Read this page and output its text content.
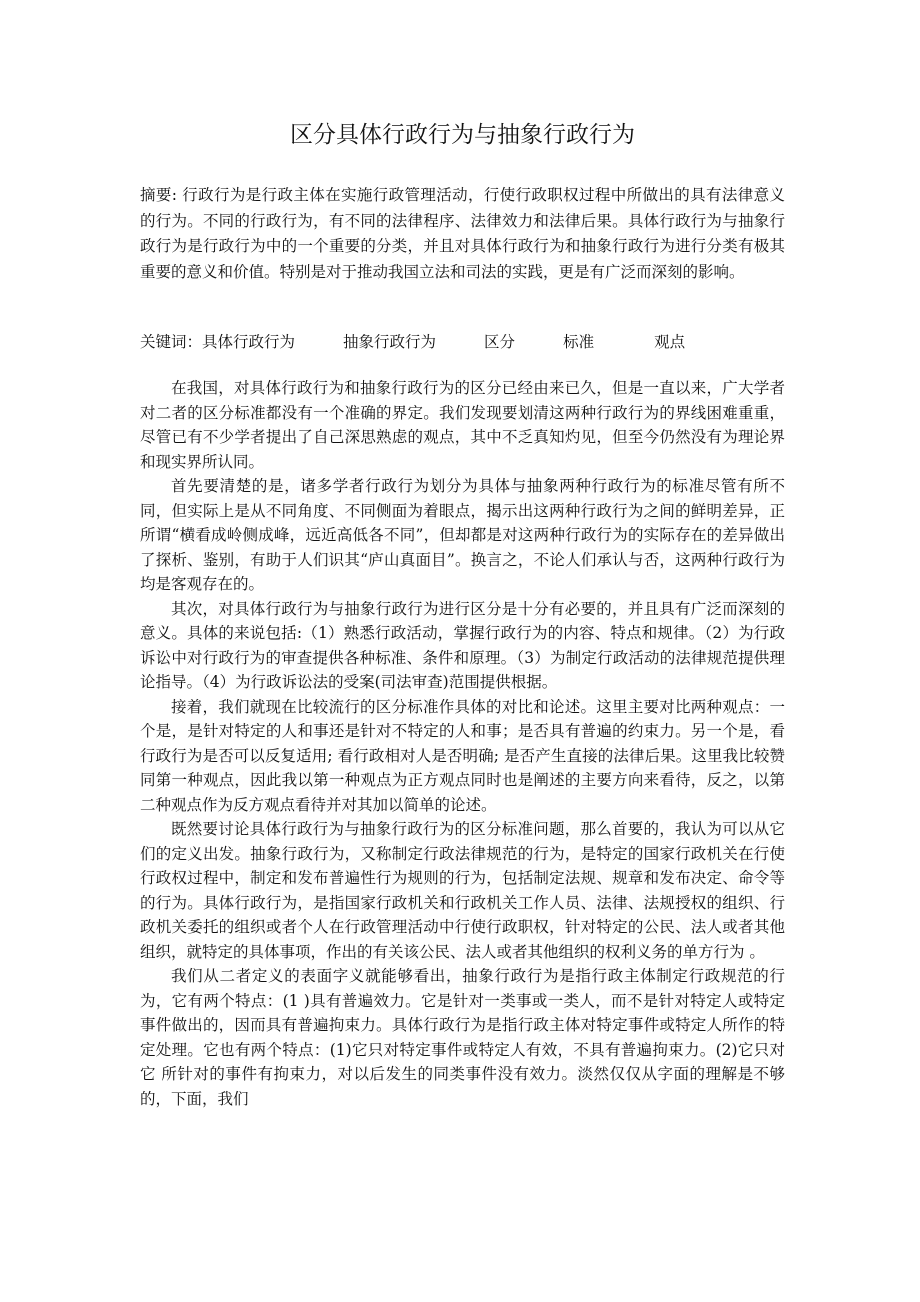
区分具体行政行为与抽象行政行为

摘要: 行政行为是行政主体在实施行政管理活动，行使行政职权过程中所做出的具有法律意义的行为。不同的行政行为，有不同的法律程序、法律效力和法律后果。具体行政行为与抽象行政行为是行政行为中的一个重要的分类，并且对具体行政行为和抽象行政行为进行分类有极其重要的意义和价值。特别是对于推动我国立法和司法的实践，更是有广泛而深刻的影响。

关键词：具体行政行为	抽象行政行为	区分	标准	观点

在我国，对具体行政行为和抽象行政行为的区分已经由来已久，但是一直以来，广大学者对二者的区分标准都没有一个准确的界定。我们发现要划清这两种行政行为的界线困难重重，尽管已有不少学者提出了自己深思熟虑的观点，其中不乏真知灼见，但至今仍然没有为理论界和现实界所认同。

首先要清楚的是，诸多学者行政行为划分为具体与抽象两种行政行为的标准尽管有所不同，但实际上是从不同角度、不同侧面为着眼点，揭示出这两种行政行为之间的鲜明差异，正所谓“横看成岭侧成峰，远近高低各不同”，但却都是对这两种行政行为的实际存在的差异做出了探析、鉴别，有助于人们识其“庐山真面目”。换言之，不论人们承认与否，这两种行政行为均是客观存在的。

其次，对具体行政行为与抽象行政行为进行区分是十分有必要的，并且具有广泛而深刻的意义。具体的来说包括:（1）熟悉行政活动，掌握行政行为的内容、特点和规律。（2）为行政诉讼中对行政行为的审查提供各种标准、条件和原理。（3）为制定行政活动的法律规范提供理论指导。（4）为行政诉讼法的受案(司法审查)范围提供根据。

接着，我们就现在比较流行的区分标准作具体的对比和论述。这里主要对比两种观点：一个是，是针对特定的人和事还是针对不特定的人和事；是否具有普遍的约束力。另一个是，看行政行为是否可以反复适用; 看行政相对人是否明确; 是否产生直接的法律后果。这里我比较赞同第一种观点，因此我以第一种观点为正方观点同时也是阐述的主要方向来看待，反之，以第二种观点作为反方观点看待并对其加以简单的论述。

既然要讨论具体行政行为与抽象行政行为的区分标准问题，那么首要的，我认为可以从它们的定义出发。抽象行政行为，又称制定行政法律规范的行为，是特定的国家行政机关在行使行政权过程中，制定和发布普遍性行为规则的行为，包括制定法规、规章和发布决定、命令等的行为。具体行政行为，是指国家行政机关和行政机关工作人员、法律、法规授权的组织、行政机关委托的组织或者个人在行政管理活动中行使行政职权，针对特定的公民、法人或者其他组织，就特定的具体事项，作出的有关该公民、法人或者其他组织的权利义务的单方行为 。

我们从二者定义的表面字义就能够看出，抽象行政行为是指行政主体制定行政规范的行为，它有两个特点：(1 )具有普遍效力。它是针对一类事或一类人，而不是针对特定人或特定事件做出的，因而具有普遍拘束力。具体行政行为是指行政主体对特定事件或特定人所作的特定处理。它也有两个特点：(1)它只对特定事件或特定人有效，不具有普遍拘束力。(2)它只对它 所针对的事件有拘束力，对以后发生的同类事件没有效力。淡然仅仅从字面的理解是不够的，下面，我们
